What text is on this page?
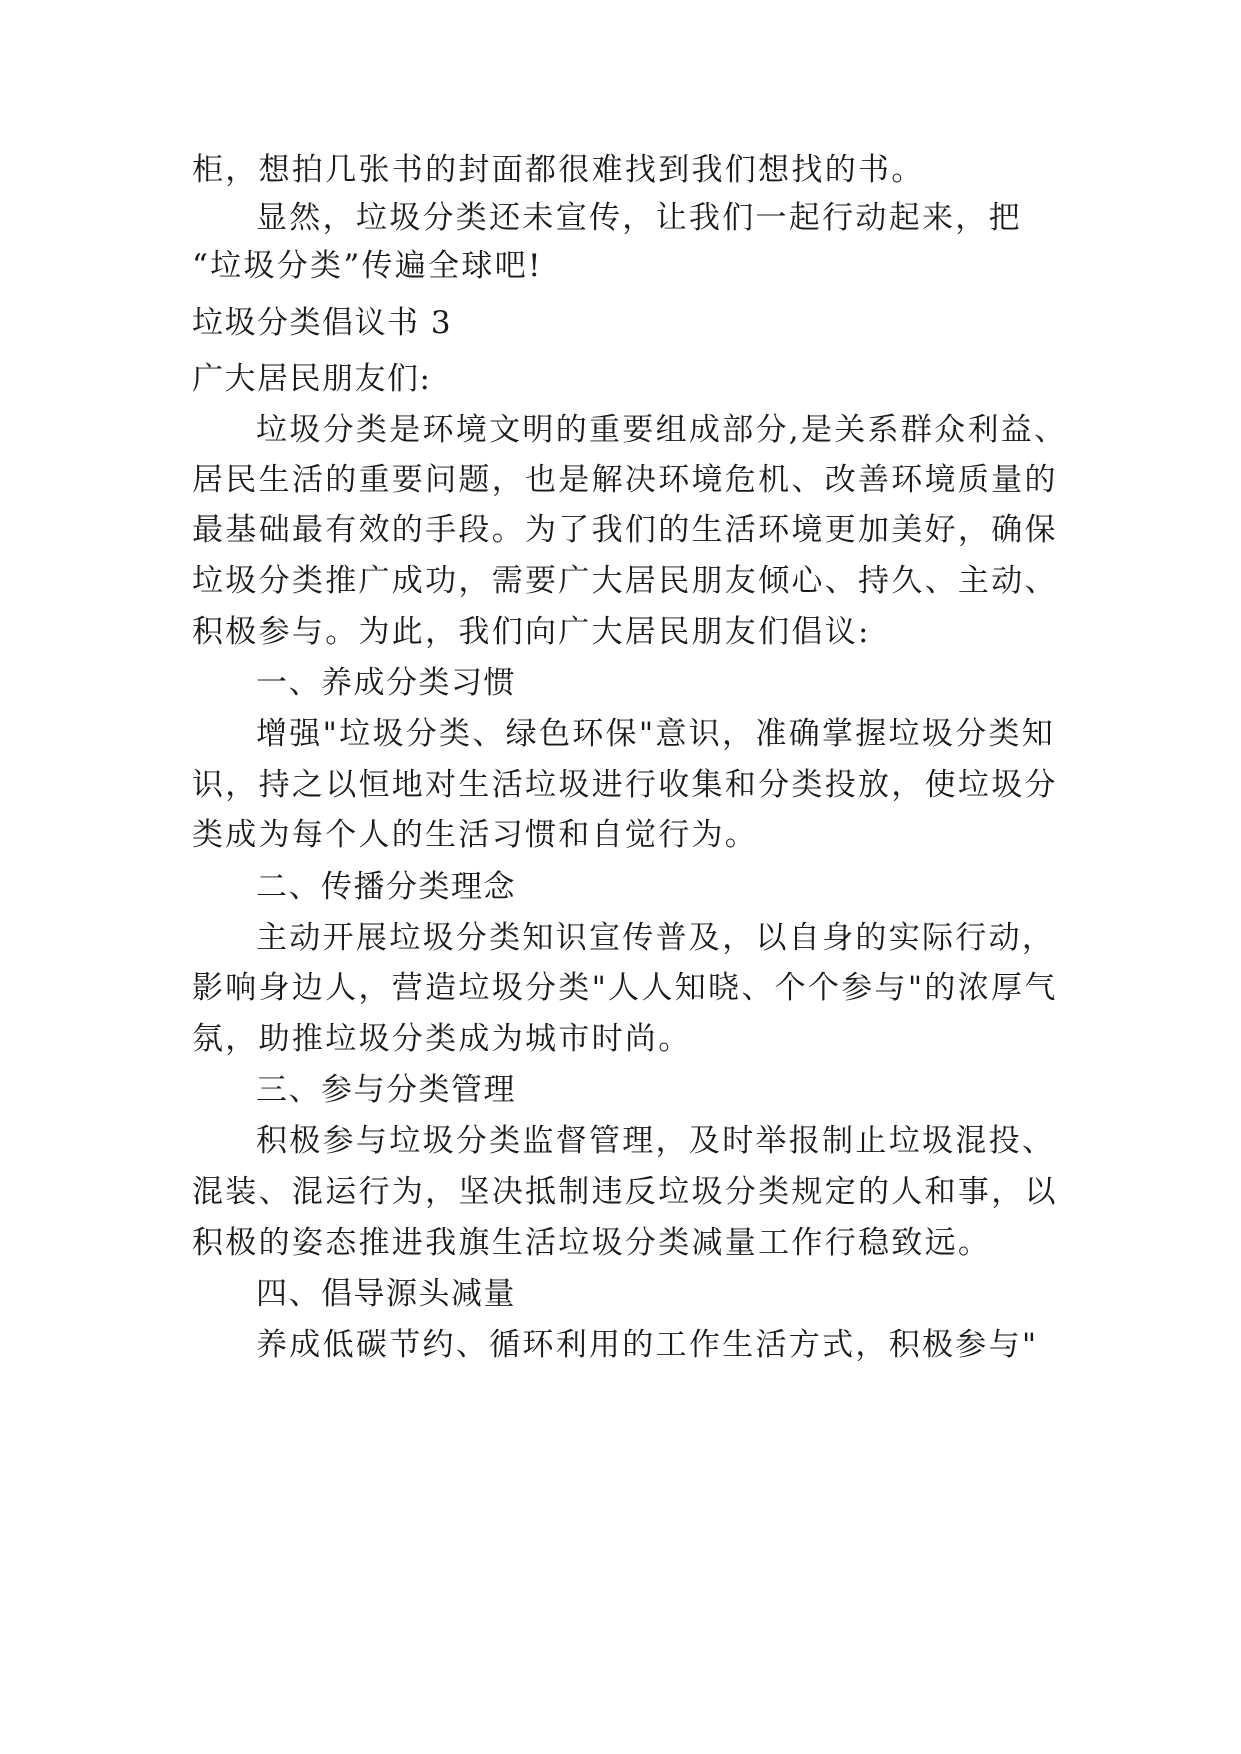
柜，想拍几张书的封面都很难找到我们想找的书。
显然，垃圾分类还未宣传，让我们一起行动起来，把
“垃圾分类”传遍全球吧!
垃圾分类倡议书 3
广大居民朋友们:
垃圾分类是环境文明的重要组成部分,是关系群众利益、
居民生活的重要问题，也是解决环境危机、改善环境质量的
最基础最有效的手段。为了我们的生活环境更加美好，确保
垃圾分类推广成功，需要广大居民朋友倾心、持久、主动、
积极参与。为此，我们向广大居民朋友们倡议:
一、养成分类习惯
增强"垃圾分类、绿色环保"意识，准确掌握垃圾分类知
识，持之以恒地对生活垃圾进行收集和分类投放，使垃圾分
类成为每个人的生活习惯和自觉行为。
二、传播分类理念
主动开展垃圾分类知识宣传普及，以自身的实际行动，
影响身边人，营造垃圾分类"人人知晓、个个参与"的浓厚气
氛，助推垃圾分类成为城市时尚。
三、参与分类管理
积极参与垃圾分类监督管理，及时举报制止垃圾混投、
混装、混运行为，坚决抵制违反垃圾分类规定的人和事，以
积极的姿态推进我旗生活垃圾分类减量工作行稳致远。
四、倡导源头减量
养成低碳节约、循环利用的工作生活方式，积极参与"
